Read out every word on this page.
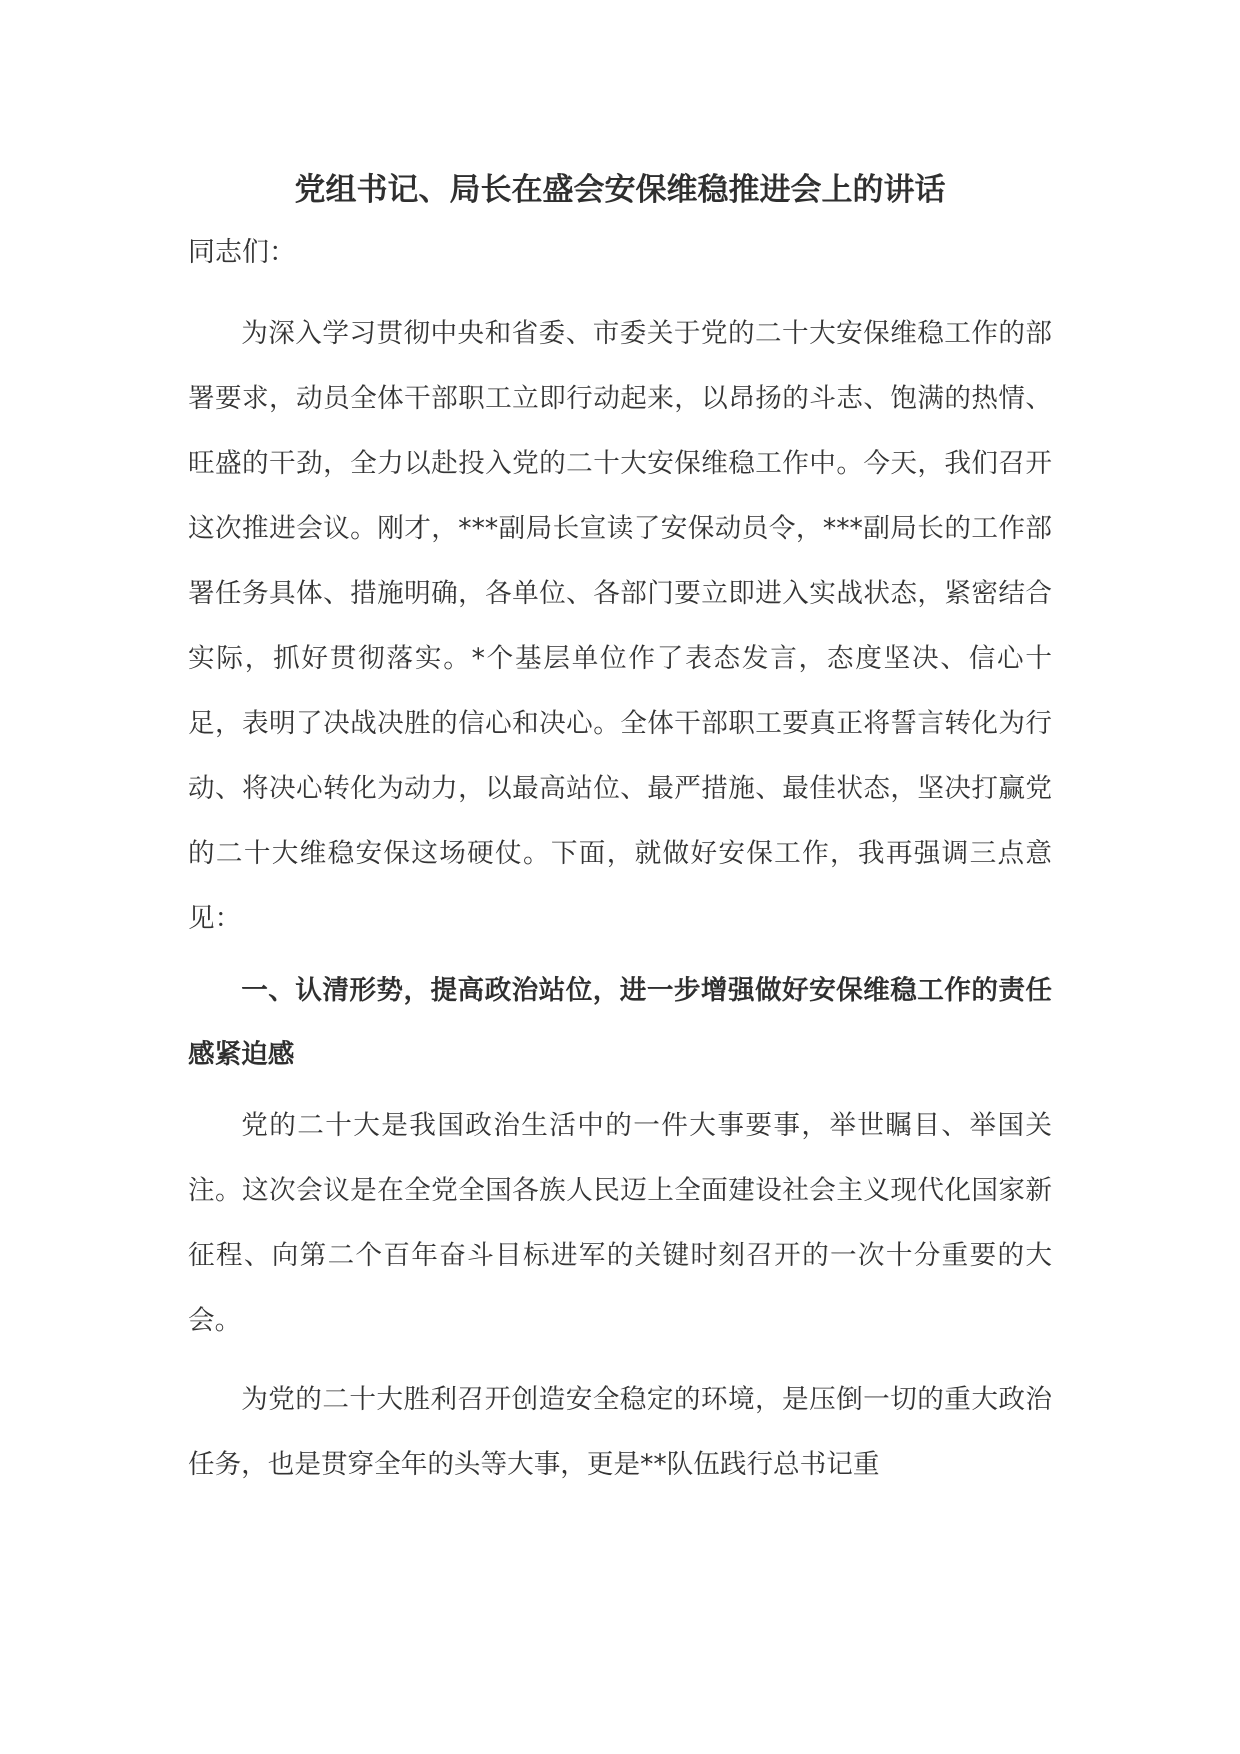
党组书记、局长在盛会安保维稳推进会上的讲话

同志们：

为深入学习贯彻中央和省委、市委关于党的二十大安保维稳工作的部署要求，动员全体干部职工立即行动起来，以昂扬的斗志、饱满的热情、旺盛的干劲，全力以赴投入党的二十大安保维稳工作中。今天，我们召开这次推进会议。刚才，***副局长宣读了安保动员令，***副局长的工作部署任务具体、措施明确，各单位、各部门要立即进入实战状态，紧密结合实际，抓好贯彻落实。*个基层单位作了表态发言，态度坚决、信心十足，表明了决战决胜的信心和决心。全体干部职工要真正将誓言转化为行动、将决心转化为动力，以最高站位、最严措施、最佳状态，坚决打赢党的二十大维稳安保这场硬仗。下面，就做好安保工作，我再强调三点意见：

一、认清形势，提高政治站位，进一步增强做好安保维稳工作的责任感紧迫感

党的二十大是我国政治生活中的一件大事要事，举世瞩目、举国关注。这次会议是在全党全国各族人民迈上全面建设社会主义现代化国家新征程、向第二个百年奋斗目标进军的关键时刻召开的一次十分重要的大会。

为党的二十大胜利召开创造安全稳定的环境，是压倒一切的重大政治任务，也是贯穿全年的头等大事，更是**队伍践行总书记重
